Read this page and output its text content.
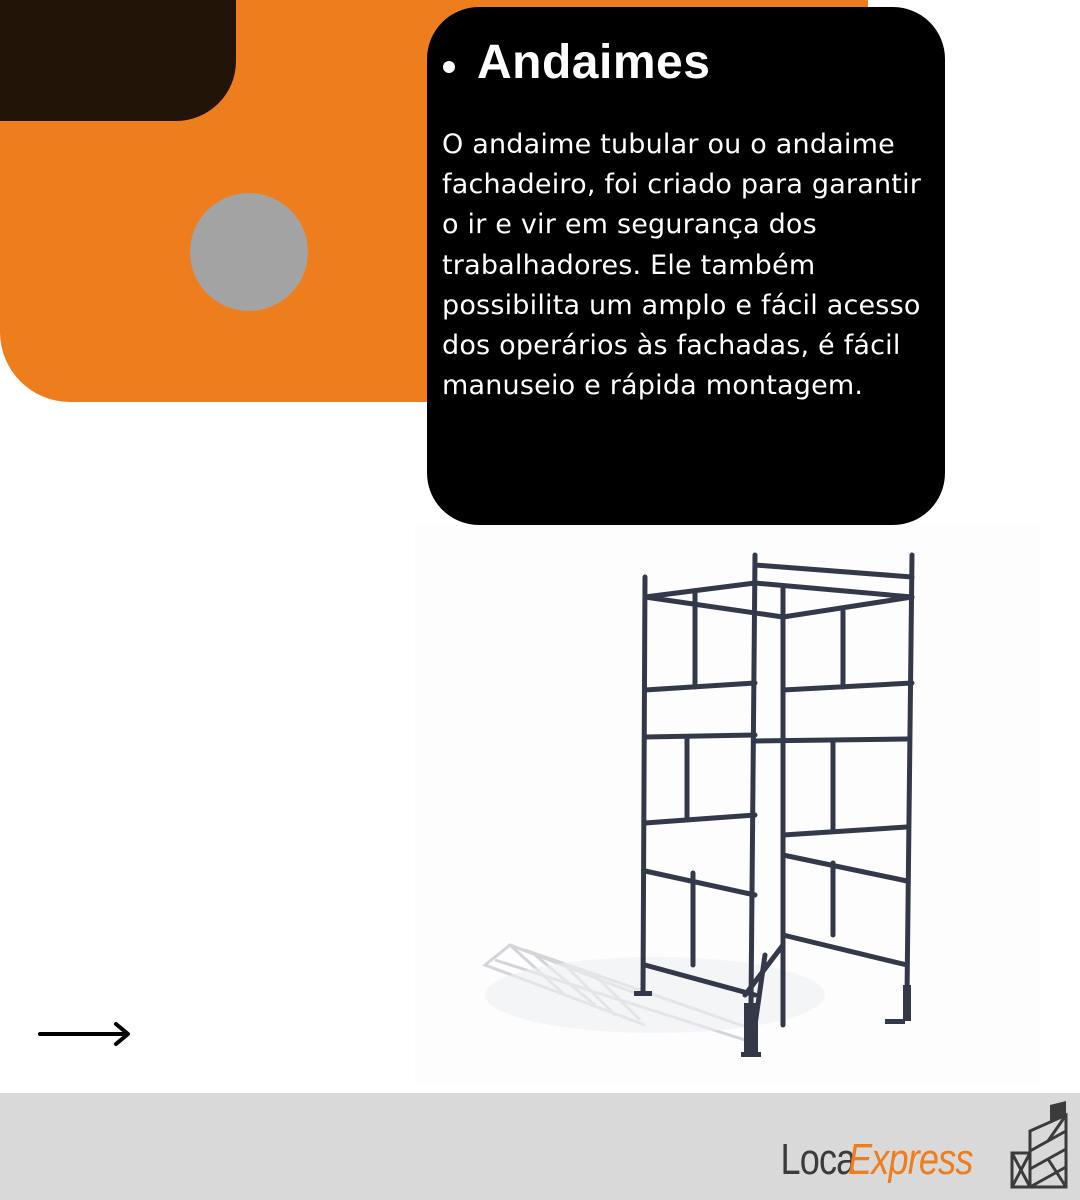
Andaimes

O andaime tubular ou o andaime fachadeiro, foi criado para garantir o ir e vir em segurança dos trabalhadores. Ele também possibilita um amplo e fácil acesso dos operários às fachadas, é fácil manuseio e rápida montagem.

Loca
Express
